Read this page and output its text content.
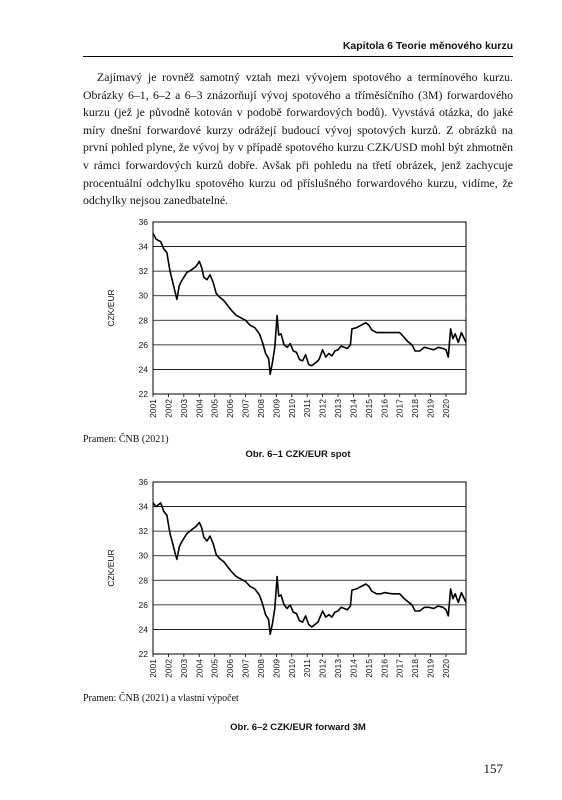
Kapitola 6 Teorie měnového kurzu

Zajímavý je rovněž samotný vztah mezi vývojem spotového a termínového kurzu. Obrázky 6–1, 6–2 a 6–3 znázorňují vývoj spotového a tříměsíčního (3M) forwardového kurzu (jež je původně kotován v podobě forwardových bodů). Vyvstává otázka, do jaké míry dnešní forwardové kurzy odrážejí budoucí vývoj spotových kurzů. Z obrázků na první pohled plyne, že vývoj by v případě spotového kurzu CZK/USD mohl být zhmotněn v rámci forwardových kurzů dobře. Avšak při pohledu na třetí obrázek, jenž zachycuje procentuální odchylku spotového kurzu od příslušného forwardového kurzu, vidíme, že odchylky nejsou zanedbatelné.

22
24
26
28
30
32
34
36
CZK/EUR
2001 2002 2003 2004 2005 2006 2007 2008 2009 2010 2011 2012 2013 2014 2015 2016 2017 2018 2019 2020
Pramen: ČNB (2021)
Obr. 6–1 CZK/EUR spot
22
24
26
28
30
32
34
36
CZK/EUR
2001 2002 2003 2004 2005 2006 2007 2008 2009 2010 2011 2012 2013 2014 2015 2016 2017 2018 2019 2020
Pramen: ČNB (2021) a vlastní výpočet
Obr. 6–2 CZK/EUR forward 3M
157
